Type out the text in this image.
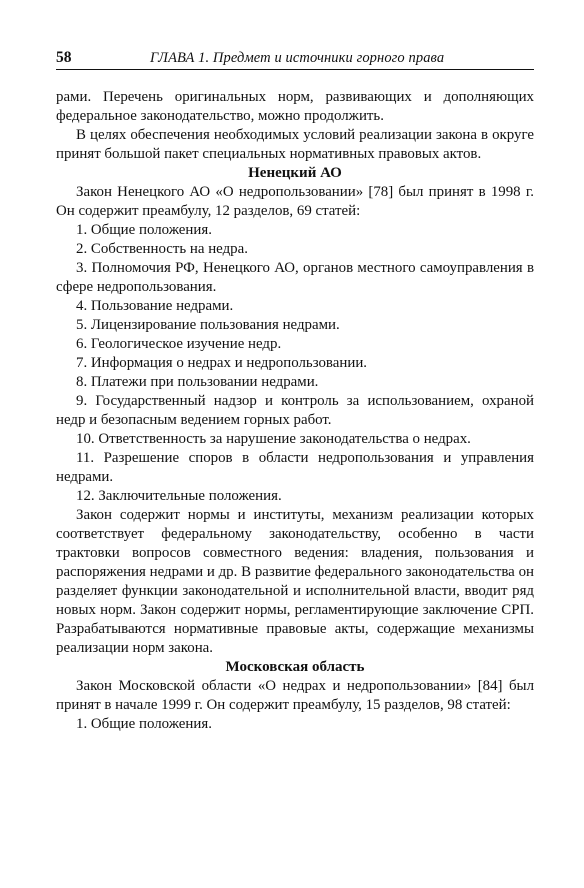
58	ГЛАВА 1. Предмет и источники горного права

рами. Перечень оригинальных норм, развивающих и дополняющих федеральное законодательство, можно продолжить.

В целях обеспечения необходимых условий реализации закона в округе принят большой пакет специальных нормативных правовых актов.

Ненецкий АО

Закон Ненецкого АО «О недропользовании» [78] был принят в 1998 г. Он содержит преамбулу, 12 разделов, 69 статей:

1. Общие положения.

2. Собственность на недра.

3. Полномочия РФ, Ненецкого АО, органов местного самоуправления в сфере недропользования.

4. Пользование недрами.

5. Лицензирование пользования недрами.

6. Геологическое изучение недр.

7. Информация о недрах и недропользовании.

8. Платежи при пользовании недрами.

9. Государственный надзор и контроль за использованием, охраной недр и безопасным ведением горных работ.

10. Ответственность за нарушение законодательства о недрах.

11. Разрешение споров в области недропользования и управления недрами.

12. Заключительные положения.

Закон содержит нормы и институты, механизм реализации которых соответствует федеральному законодательству, особенно в части трактовки вопросов совместного ведения: владения, пользования и распоряжения недрами и др. В развитие федерального законодательства он разделяет функции законодательной и исполнительной власти, вводит ряд новых норм. Закон содержит нормы, регламентирующие заключение СРП. Разрабатываются нормативные правовые акты, содержащие механизмы реализации норм закона.

Московская область

Закон Московской области «О недрах и недропользовании» [84] был принят в начале 1999 г. Он содержит преамбулу, 15 разделов, 98 статей:

1. Общие положения.
